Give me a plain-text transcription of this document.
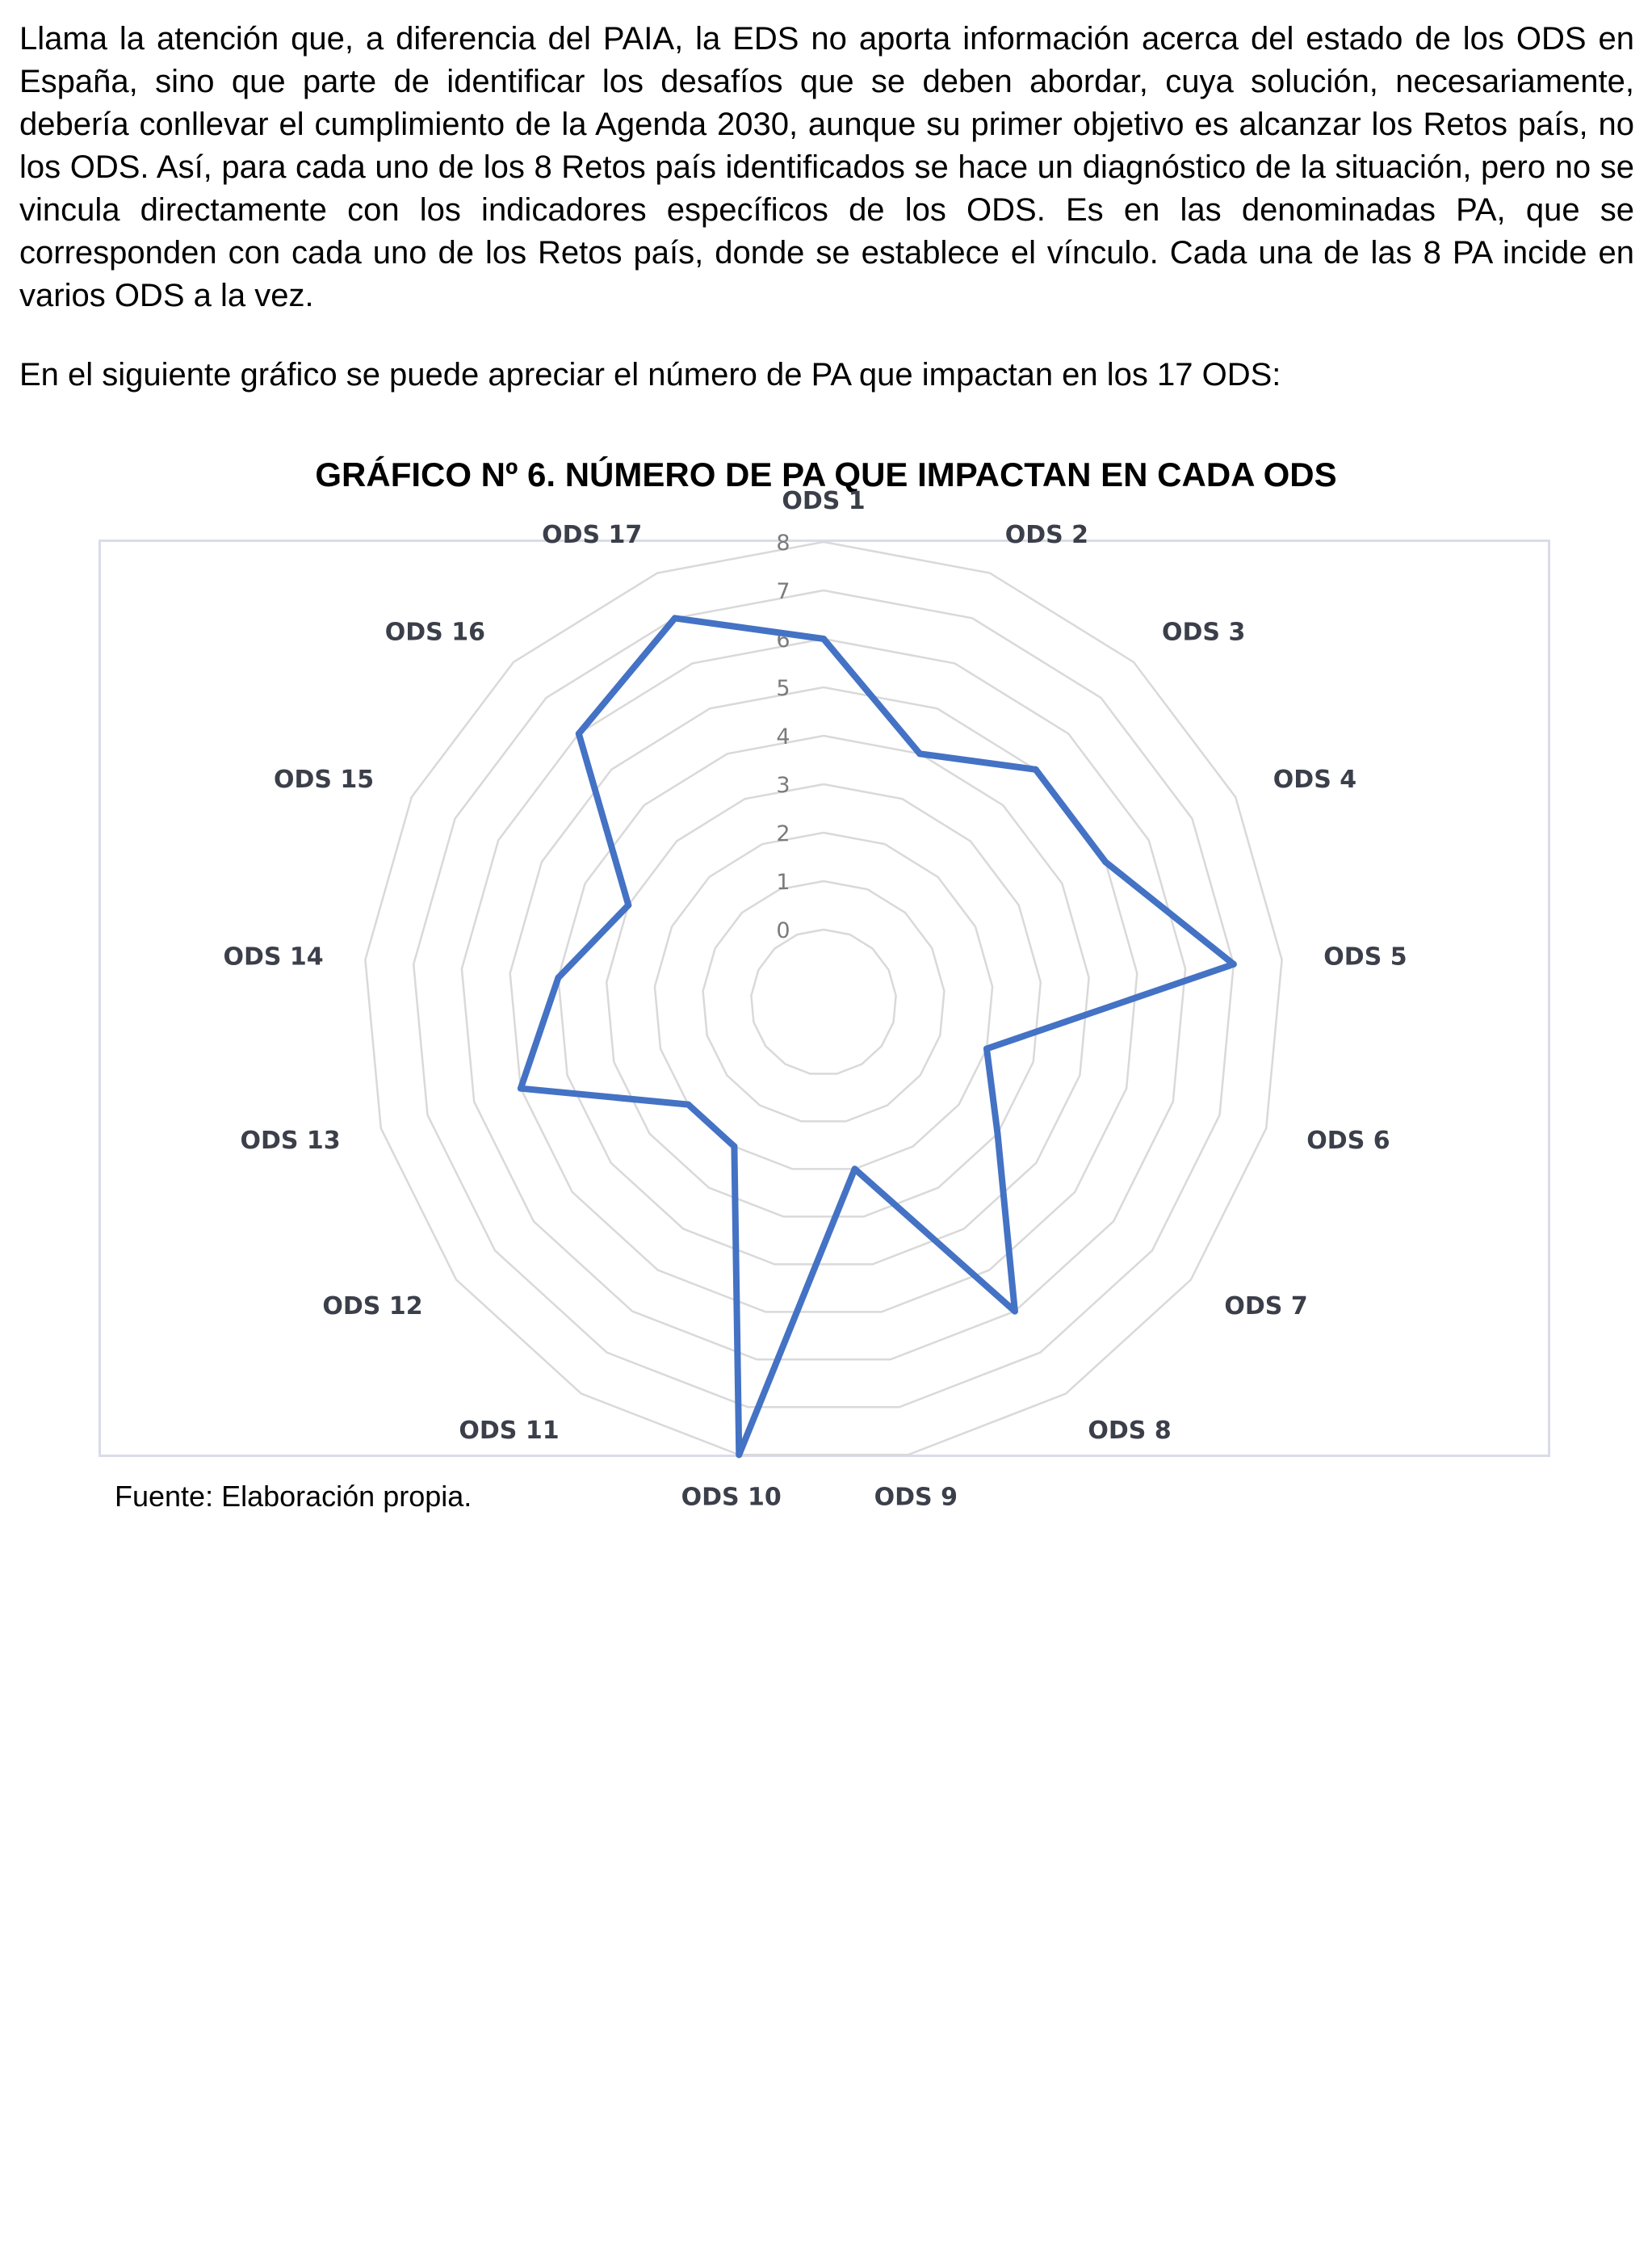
Llama la atención que, a diferencia del PAIA, la EDS no aporta información acerca del estado de los ODS en España, sino que parte de identificar los desafíos que se deben abordar, cuya solución, necesariamente, debería conllevar el cumplimiento de la Agenda 2030, aunque su primer objetivo es alcanzar los Retos país, no los ODS. Así, para cada uno de los 8 Retos país identificados se hace un diagnóstico de la situación, pero no se vincula directamente con los indicadores específicos de los ODS. Es en las denominadas PA, que se corresponden con cada uno de los Retos país, donde se establece el vínculo. Cada una de las 8 PA incide en varios ODS a la vez.

En el siguiente gráfico se puede apreciar el número de PA que impactan en los 17 ODS:

GRÁFICO Nº 6. NÚMERO DE PA QUE IMPACTAN EN CADA ODS
0
1
2
3
4
5
6
7
8
ODS 1
ODS 2
ODS 3
ODS 4
ODS 5
ODS 6
ODS 7
ODS 8
ODS 9
ODS 10
ODS 11
ODS 12
ODS 13
ODS 14
ODS 15
ODS 16
ODS 17

Fuente: Elaboración propia.
